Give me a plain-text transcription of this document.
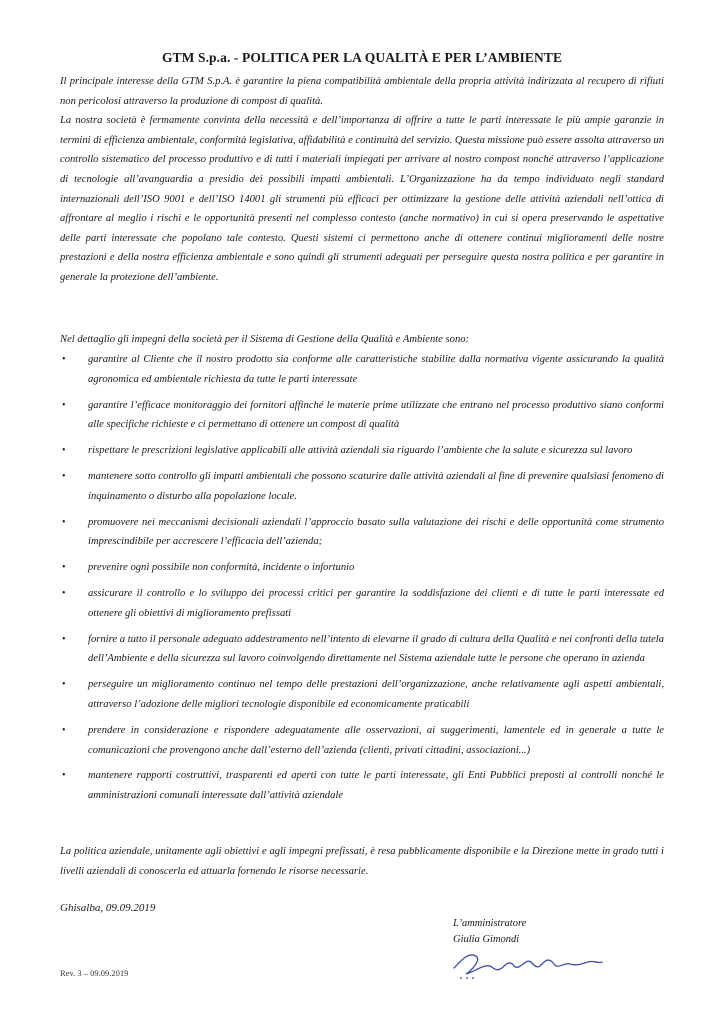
GTM S.p.a. - POLITICA PER LA QUALITÀ E PER L’AMBIENTE
Il principale interesse della GTM S.p.A. è garantire la piena compatibilità ambientale della propria attività indirizzata al recupero di rifiuti non pericolosi attraverso la produzione di compost di qualità.
La nostra società è fermamente convinta della necessità e dell’importanza di offrire a tutte le parti interessate le più ampie garanzie in termini di efficienza ambientale, conformità legislativa, affidabilità e continuità del servizio. Questa missione può essere assolta attraverso un controllo sistematico del processo produttivo e di tutti i materiali impiegati per arrivare al nostro compost nonché attraverso l’applicazione di tecnologie all’avanguardia a presidio dei possibili impatti ambientali. L’Organizzazione ha da tempo individuato negli standard internazionali dell’ISO 9001 e dell’ISO 14001 gli strumenti più efficaci per ottimizzare la gestione delle attività aziendali nell’ottica di affrontare al meglio i rischi e le opportunità presenti nel complesso contesto (anche normativo) in cui si opera preservando le aspettative delle parti interessate che popolano tale contesto. Questi sistemi ci permettono anche di ottenere continui miglioramenti delle nostre prestazioni e della nostra efficienza ambientale e sono quindi gli strumenti adeguati per perseguire questa nostra politica e per garantire in generale la protezione dell’ambiente.
Nel dettaglio gli impegni della società per il Sistema di Gestione della Qualità e Ambiente sono:
• garantire al Cliente che il nostro prodotto sia conforme alle caratteristiche stabilite dalla normativa vigente assicurando la qualità agronomica ed ambientale richiesta da tutte le parti interessate
• garantire l’efficace monitoraggio dei fornitori affinché le materie prime utilizzate che entrano nel processo produttivo siano conformi alle specifiche richieste e ci permettano di ottenere un compost di qualità
• rispettare le prescrizioni legislative applicabili alle attività aziendali sia riguardo l’ambiente che la salute e sicurezza sul lavoro
• mantenere sotto controllo gli impatti ambientali che possono scaturire dalle attività aziendali al fine di prevenire qualsiasi fenomeno di inquinamento o disturbo alla popolazione locale.
• promuovere nei meccanismi decisionali aziendali l’approccio basato sulla valutazione dei rischi e delle opportunità come strumento imprescindibile per accrescere l’efficacia dell’azienda;
• prevenire ogni possibile non conformità, incidente o infortunio
• assicurare il controllo e lo sviluppo dei processi critici per garantire la soddisfazione dei clienti e di tutte le parti interessate ed ottenere gli obiettivi di miglioramento prefissati
• fornire a tutto il personale adeguato addestramento nell’intento di elevarne il grado di cultura della Qualità e nei confronti della tutela dell’Ambiente e della sicurezza sul lavoro coinvolgendo direttamente nel Sistema aziendale tutte le persone che operano in azienda
• perseguire un miglioramento continuo nel tempo delle prestazioni dell’organizzazione, anche relativamente agli aspetti ambientali, attraverso l’adozione delle migliori tecnologie disponibile ed economicamente praticabili
• prendere in considerazione e rispondere adeguatamente alle osservazioni, ai suggerimenti, lamentele ed in generale a tutte le comunicazioni che provengono anche dall’esterno dell’azienda (clienti, privati cittadini, associazioni...)
• mantenere rapporti costruttivi, trasparenti ed aperti con tutte le parti interessate, gli Enti Pubblici preposti al controlli nonché le amministrazioni comunali interessate dall’attività aziendale
La politica aziendale, unitamente agli obiettivi e agli impegni prefissati, è resa pubblicamente disponibile e la Direzione mette in grado tutti i livelli aziendali di conoscerla ed attuarla fornendo le risorse necessarie.
Ghisalba, 09.09.2019
L’amministratore
Giulia Gimondi
Rev. 3 – 09.09.2019
